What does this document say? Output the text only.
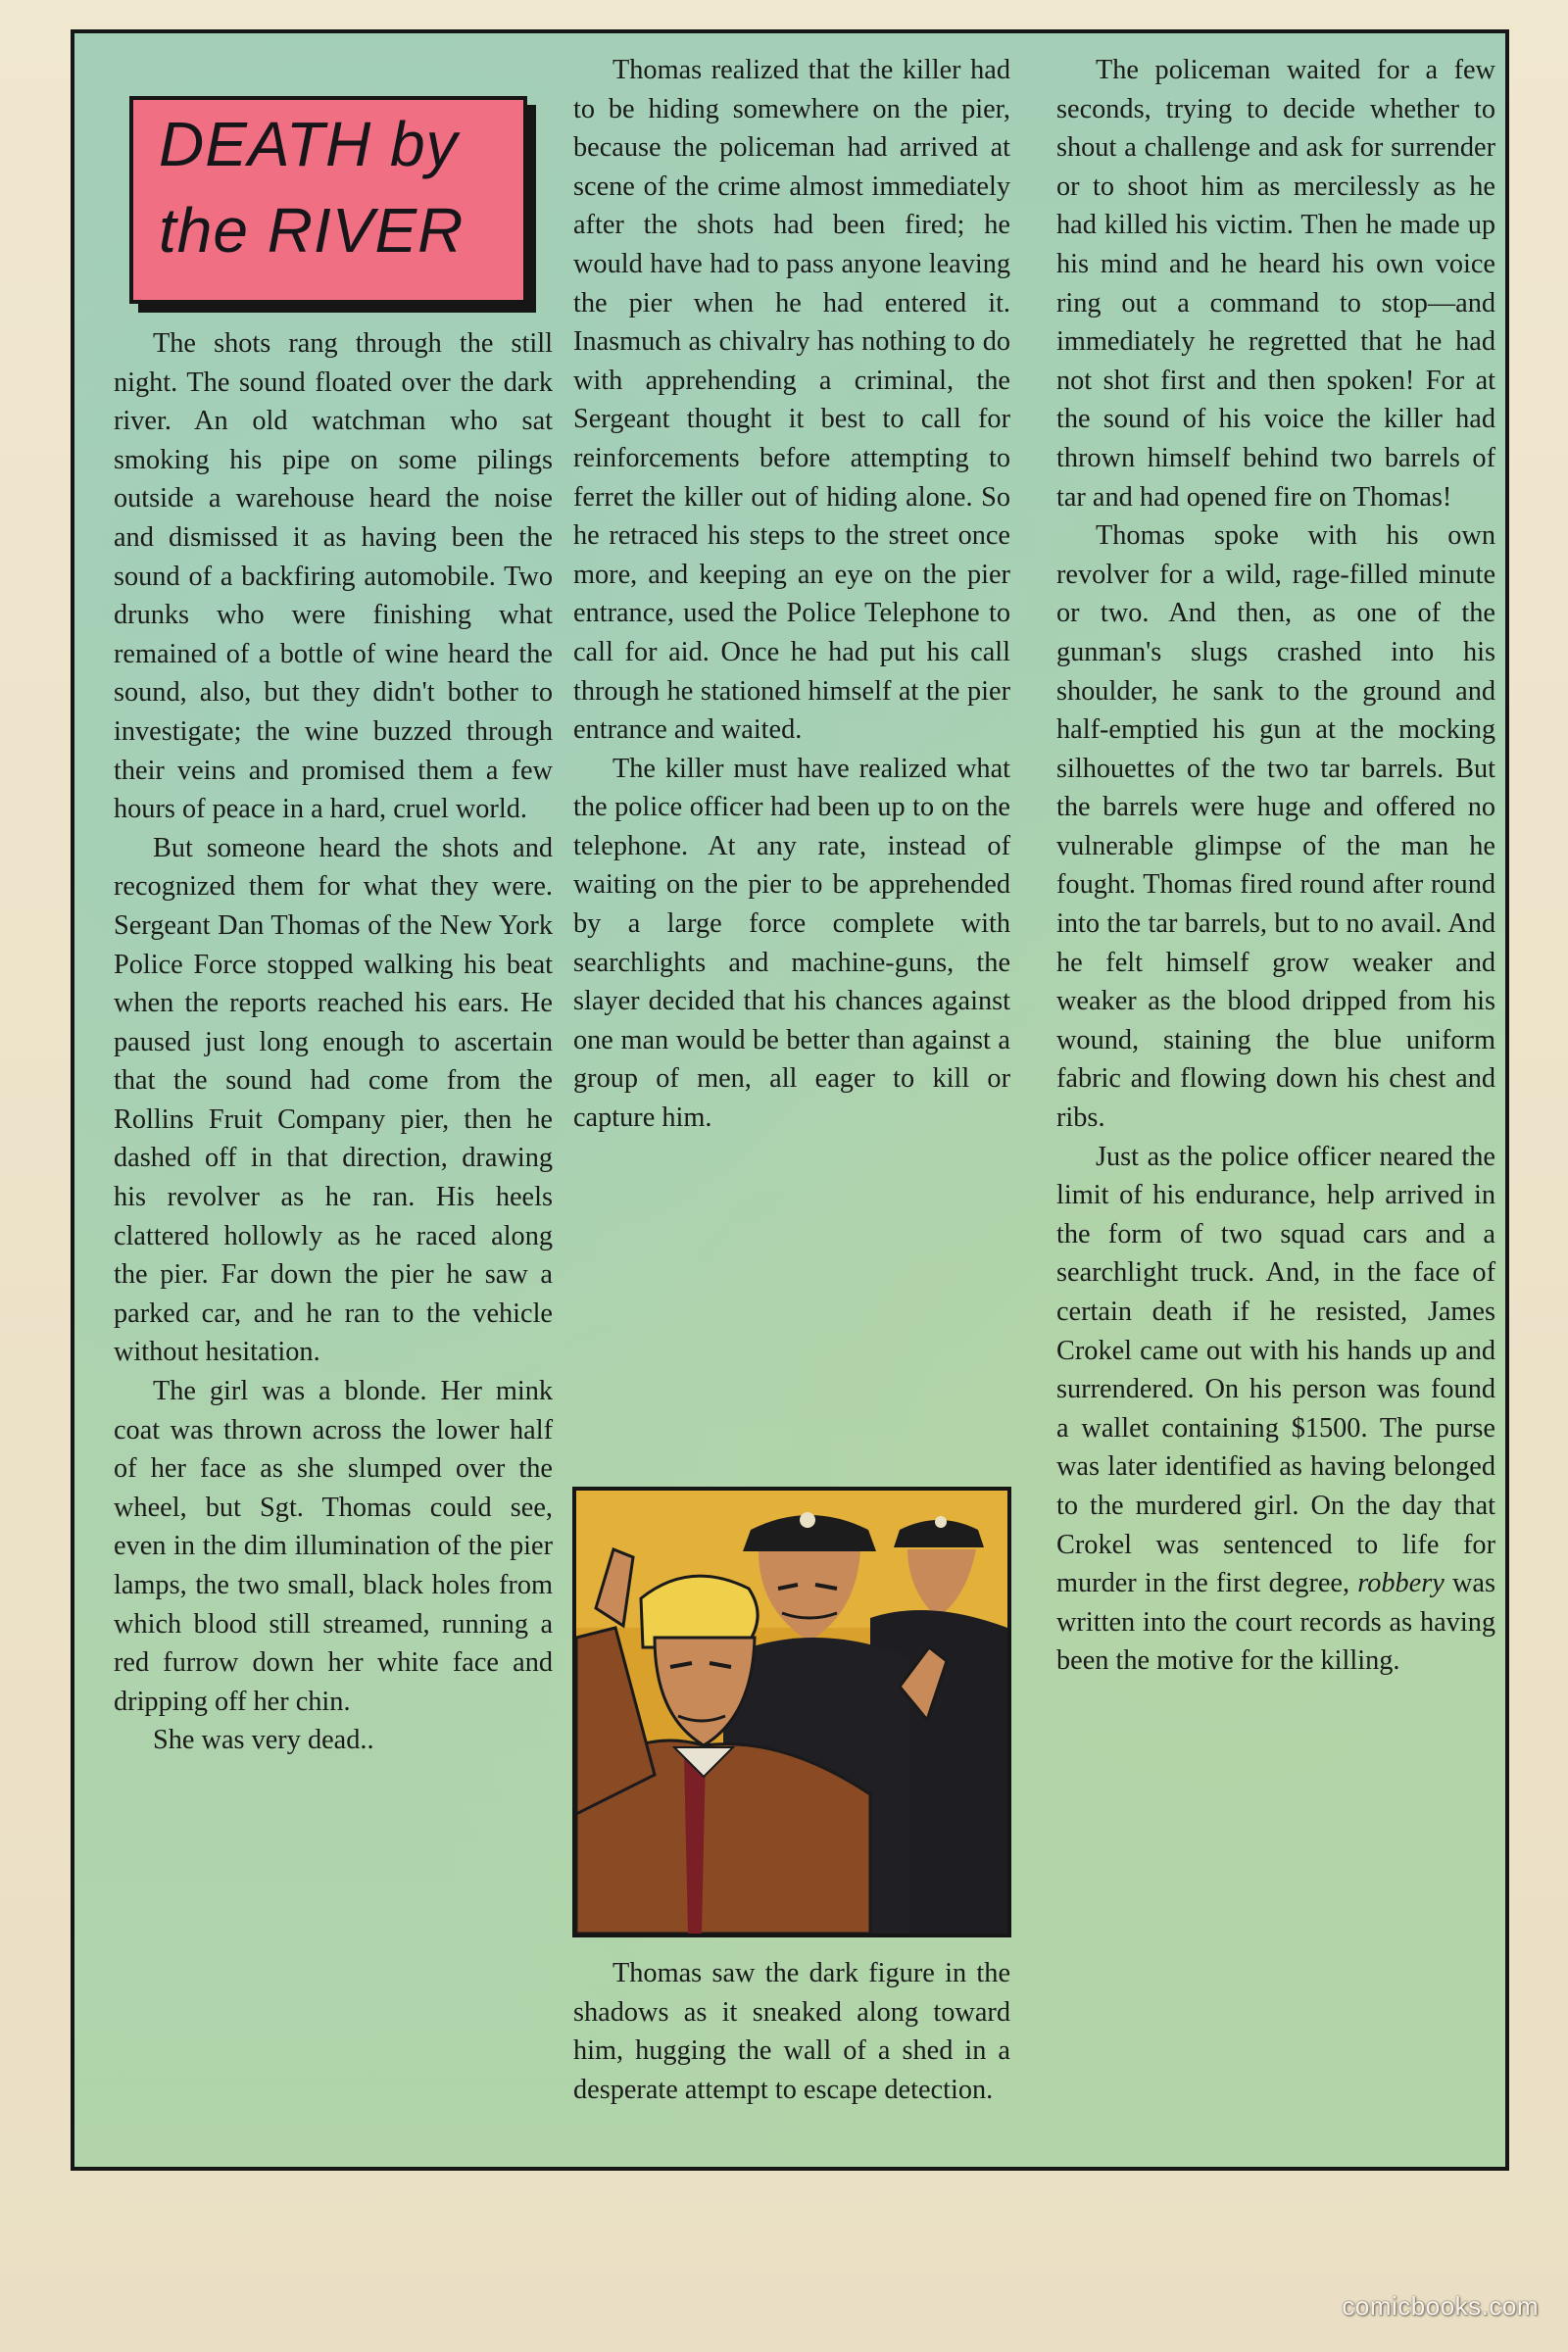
DEATH by
the RIVER

The shots rang through the still night. The sound floated over the dark river. An old watchman who sat smoking his pipe on some pilings outside a warehouse heard the noise and dismissed it as having been the sound of a backfiring automobile. Two drunks who were finishing what remained of a bottle of wine heard the sound, also, but they didn't bother to investigate; the wine buzzed through their veins and promised them a few hours of peace in a hard, cruel world.

But someone heard the shots and recognized them for what they were. Sergeant Dan Thomas of the New York Police Force stopped walking his beat when the reports reached his ears. He paused just long enough to ascertain that the sound had come from the Rollins Fruit Company pier, then he dashed off in that direction, drawing his revolver as he ran. His heels clattered hollowly as he raced along the pier. Far down the pier he saw a parked car, and he ran to the vehicle without hesitation.

The girl was a blonde. Her mink coat was thrown across the lower half of her face as she slumped over the wheel, but Sgt. Thomas could see, even in the dim illumination of the pier lamps, the two small, black holes from which blood still streamed, running a red furrow down her white face and dripping off her chin.

She was very dead..

Thomas realized that the killer had to be hiding somewhere on the pier, because the policeman had arrived at scene of the crime almost immediately after the shots had been fired; he would have had to pass anyone leaving the pier when he had entered it. Inasmuch as chivalry has nothing to do with apprehending a criminal, the Sergeant thought it best to call for reinforcements before attempting to ferret the killer out of hiding alone. So he retraced his steps to the street once more, and keeping an eye on the pier entrance, used the Police Telephone to call for aid. Once he had put his call through he stationed himself at the pier entrance and waited.

The killer must have realized what the police officer had been up to on the telephone. At any rate, instead of waiting on the pier to be apprehended by a large force complete with searchlights and machine-guns, the slayer decided that his chances against one man would be better than against a group of men, all eager to kill or capture him.

Thomas saw the dark figure in the shadows as it sneaked along toward him, hugging the wall of a shed in a desperate attempt to escape detection.

The policeman waited for a few seconds, trying to decide whether to shout a challenge and ask for surrender or to shoot him as mercilessly as he had killed his victim. Then he made up his mind and he heard his own voice ring out a command to stop—and immediately he regretted that he had not shot first and then spoken! For at the sound of his voice the killer had thrown himself behind two barrels of tar and had opened fire on Thomas!

Thomas spoke with his own revolver for a wild, rage-filled minute or two. And then, as one of the gunman's slugs crashed into his shoulder, he sank to the ground and half-emptied his gun at the mocking silhouettes of the two tar barrels. But the barrels were huge and offered no vulnerable glimpse of the man he fought. Thomas fired round after round into the tar barrels, but to no avail. And he felt himself grow weaker and weaker as the blood dripped from his wound, staining the blue uniform fabric and flowing down his chest and ribs.

Just as the police officer neared the limit of his endurance, help arrived in the form of two squad cars and a searchlight truck. And, in the face of certain death if he resisted, James Crokel came out with his hands up and surrendered. On his person was found a wallet containing $1500. The purse was later identified as having belonged to the murdered girl. On the day that Crokel was sentenced to life for murder in the first degree, robbery was written into the court records as having been the motive for the killing.

comicbooks.com
